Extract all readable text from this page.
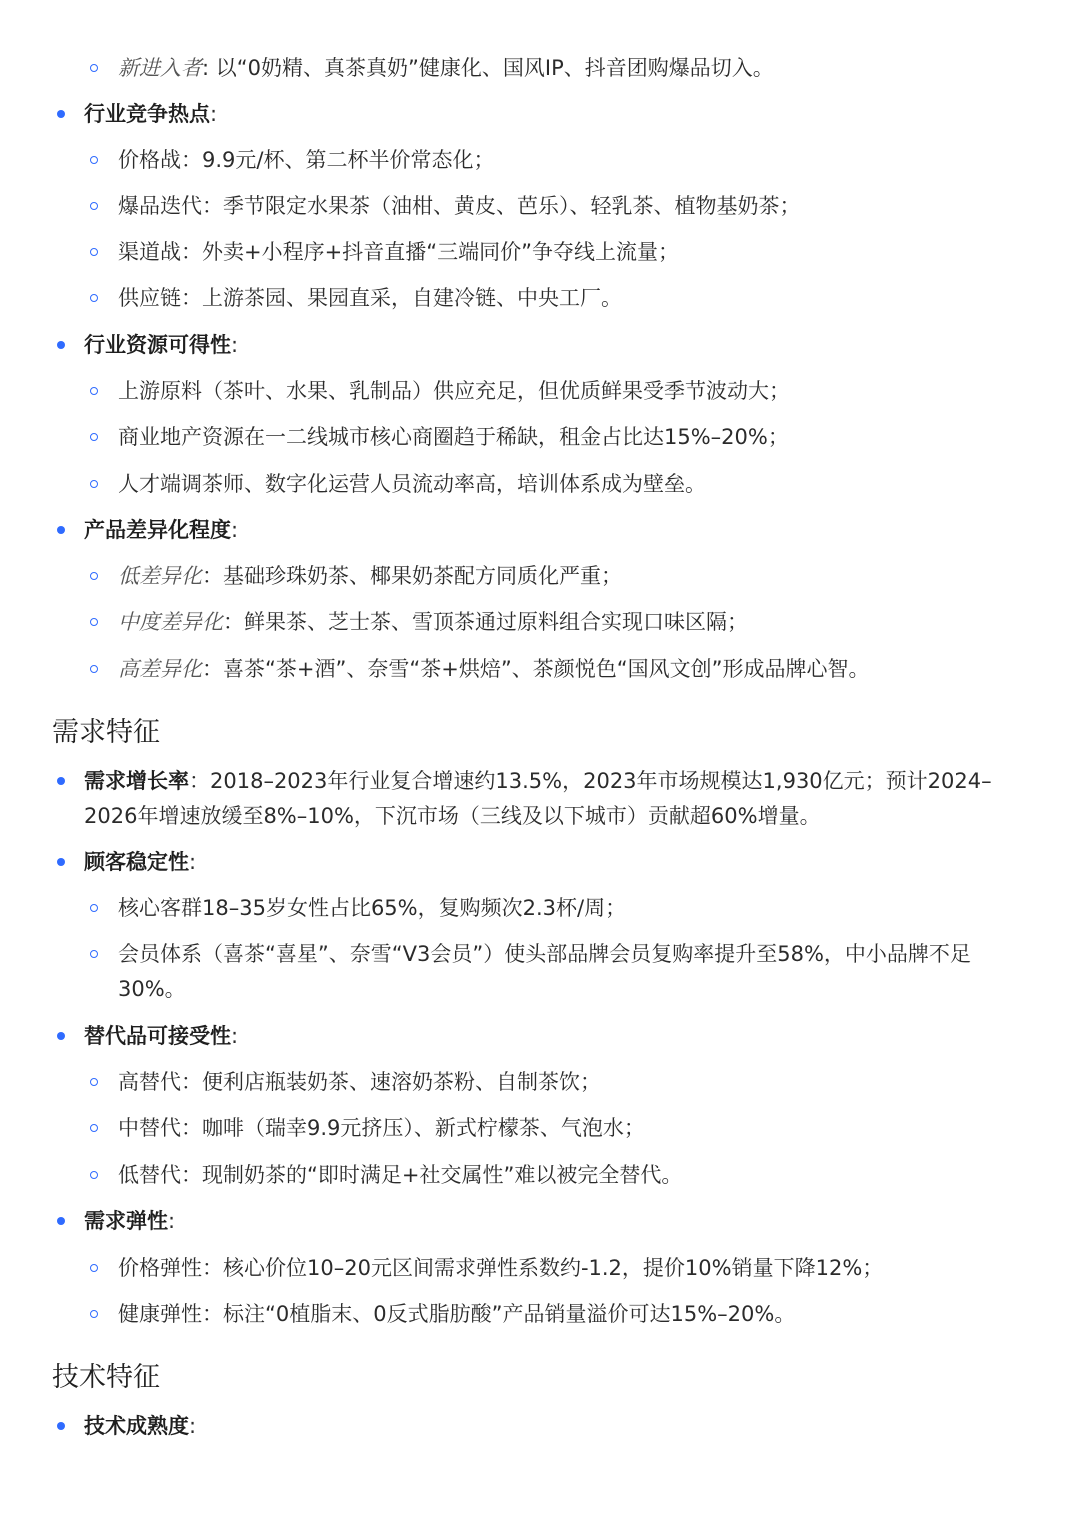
新进入者: 以“0奶精、真茶真奶”健康化、国风IP、抖音团购爆品切入。
行业竞争热点:
价格战：9.9元/杯、第二杯半价常态化；
爆品迭代：季节限定水果茶（油柑、黄皮、芭乐）、轻乳茶、植物基奶茶；
渠道战：外卖+小程序+抖音直播“三端同价”争夺线上流量；
供应链：上游茶园、果园直采，自建冷链、中央工厂。
行业资源可得性:
上游原料（茶叶、水果、乳制品）供应充足，但优质鲜果受季节波动大；
商业地产资源在一二线城市核心商圈趋于稀缺，租金占比达15%–20%；
人才端调茶师、数字化运营人员流动率高，培训体系成为壁垒。
产品差异化程度:
低差异化：基础珍珠奶茶、椰果奶茶配方同质化严重；
中度差异化：鲜果茶、芝士茶、雪顶茶通过原料组合实现口味区隔；
高差异化：喜茶“茶+酒”、奈雪“茶+烘焙”、茶颜悦色“国风文创”形成品牌心智。
需求特征
需求增长率：2018–2023年行业复合增速约13.5%，2023年市场规模达1,930亿元；预计2024–2026年增速放缓至8%–10%，下沉市场（三线及以下城市）贡献超60%增量。
顾客稳定性:
核心客群18–35岁女性占比65%，复购频次2.3杯/周；
会员体系（喜茶“喜星”、奈雪“V3会员”）使头部品牌会员复购率提升至58%，中小品牌不足30%。
替代品可接受性:
高替代：便利店瓶装奶茶、速溶奶茶粉、自制茶饮；
中替代：咖啡（瑞幸9.9元挤压）、新式柠檬茶、气泡水；
低替代：现制奶茶的“即时满足+社交属性”难以被完全替代。
需求弹性:
价格弹性：核心价位10–20元区间需求弹性系数约-1.2，提价10%销量下降12%；
健康弹性：标注“0植脂末、0反式脂肪酸”产品销量溢价可达15%–20%。
技术特征
技术成熟度:
